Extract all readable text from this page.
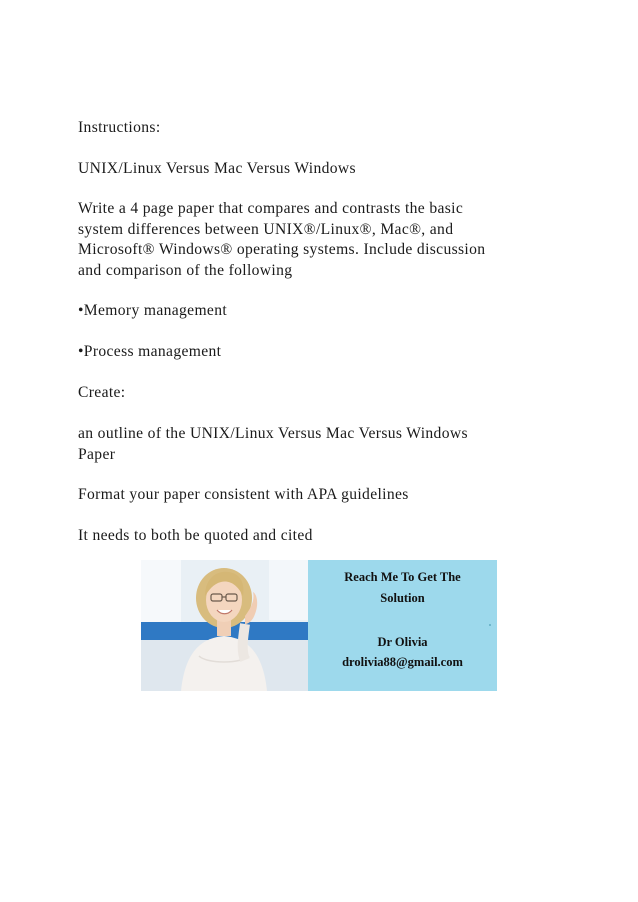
Instructions:

UNIX/Linux Versus Mac Versus Windows

Write a 4 page paper that compares and contrasts the basic

system differences between UNIX®/Linux®, Mac®, and

Microsoft® Windows® operating systems. Include discussion

and comparison of the following

•Memory management

•Process management

Create:

an outline of the UNIX/Linux Versus Mac Versus Windows

Paper

Format your paper consistent with APA guidelines

It needs to both be quoted and cited

Reach Me To Get The
Solution
Dr Olivia
drolivia88@gmail.com
